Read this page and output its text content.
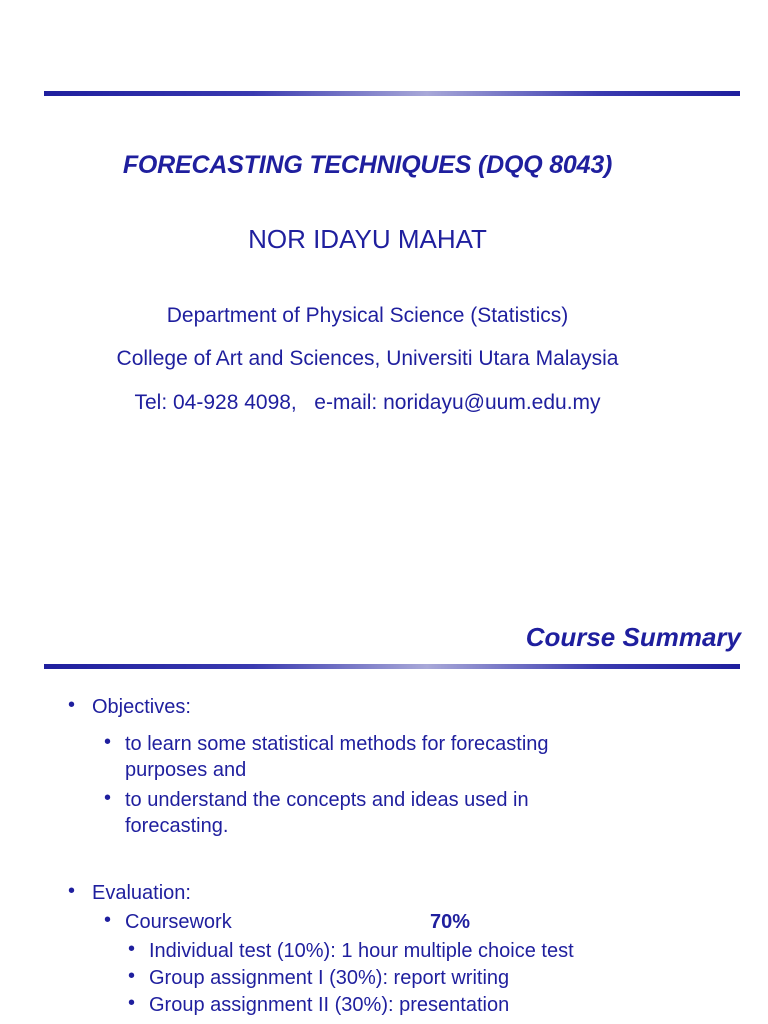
FORECASTING TECHNIQUES (DQQ 8043)
NOR IDAYU MAHAT
Department of Physical Science (Statistics)
College of Art and Sciences, Universiti Utara Malaysia
Tel: 04-928 4098,   e-mail: noridayu@uum.edu.my
Course Summary
• Objectives:
• to learn some statistical methods for forecasting purposes and
• to understand the concepts and ideas used in forecasting.
• Evaluation:
• Coursework	70%
• Individual test (10%): 1 hour multiple choice test
• Group assignment I (30%): report writing
• Group assignment II (30%): presentation
